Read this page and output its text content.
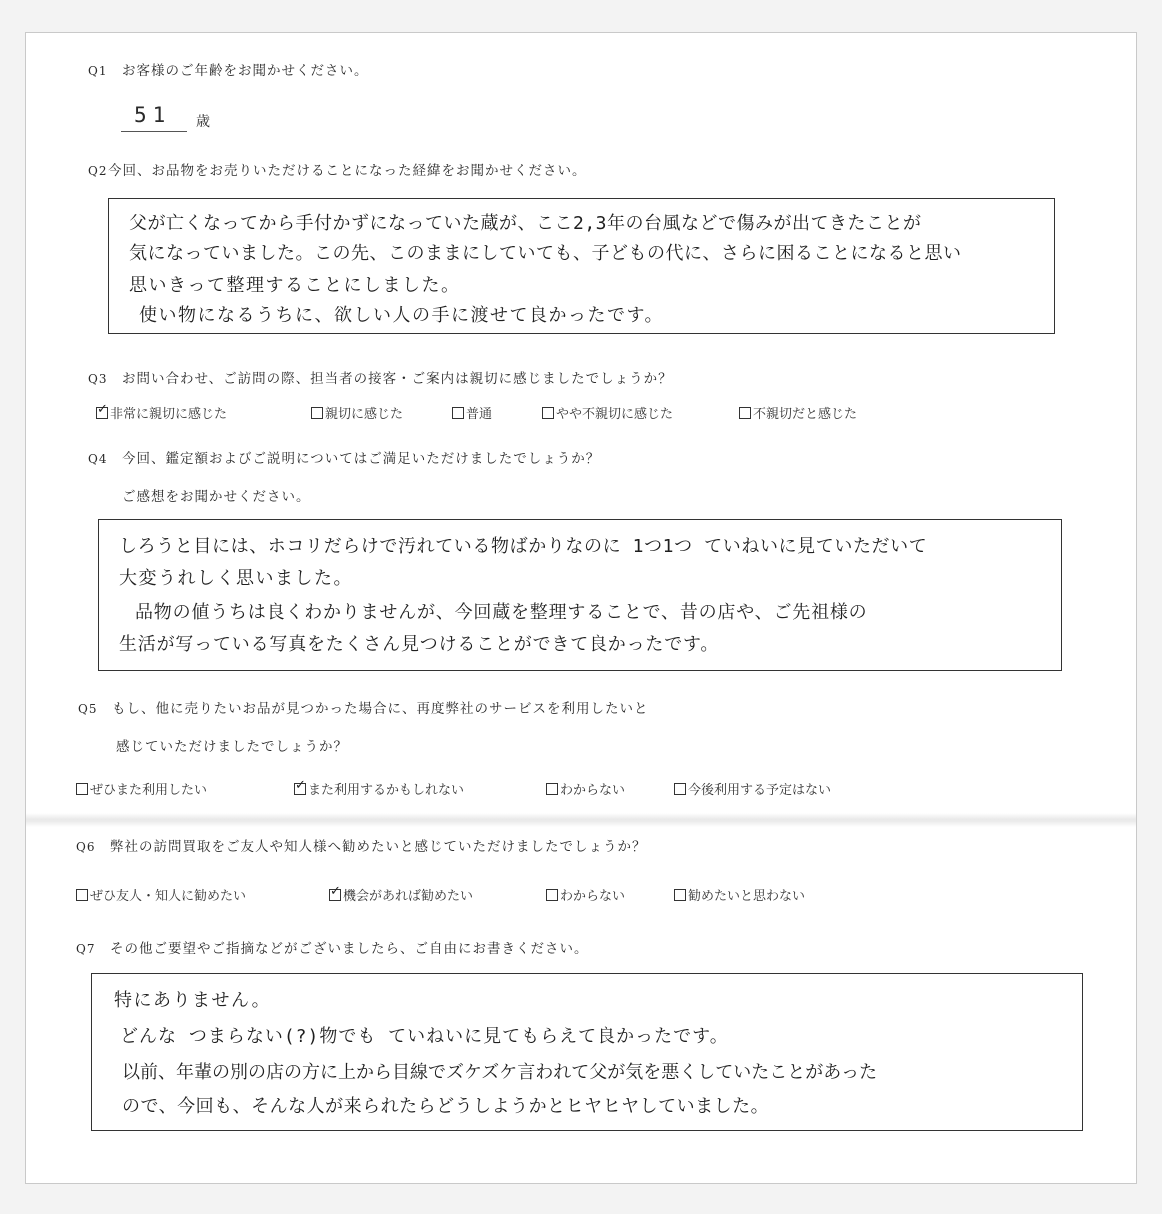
Q1 お客様のご年齢をお聞かせください。
51 歳
Q2今回、お品物をお売りいただけることになった経緯をお聞かせください。
父が亡くなってから手付かずになっていた蔵が、ここ2,3年の台風などで傷みが出てきたことが
気になっていました。この先、このままにしていても、子どもの代に、さらに困ることになると思い
思いきって整理することにしました。
使い物になるうちに、欲しい人の手に渡せて良かったです。
Q3 お問い合わせ、ご訪問の際、担当者の接客・ご案内は親切に感じましたでしょうか？
✓非常に親切に感じた	親切に感じた	普通	やや不親切に感じた	不親切だと感じた
Q4 今回、鑑定額およびご説明についてはご満足いただけましたでしょうか？
ご感想をお聞かせください。
しろうと目には、ホコリだらけで汚れている物ばかりなのに 1つ1つ ていねいに見ていただいて
大変うれしく思いました。
品物の値うちは良くわかりませんが、今回蔵を整理することで、昔の店や、ご先祖様の
生活が写っている写真をたくさん見つけることができて良かったです。
Q5 もし、他に売りたいお品が見つかった場合に、再度弊社のサービスを利用したいと
感じていただけましたでしょうか？
ぜひまた利用したい ✓	また利用するかもしれない	わからない	今後利用する予定はない
Q6 弊社の訪問買取をご友人や知人様へ勧めたいと感じていただけましたでしょうか？
ぜひ友人・知人に勧めたい ✓	機会があれば勧めたい	わからない	勧めたいと思わない
Q7 その他ご要望やご指摘などがございましたら、ご自由にお書きください。
特にありません。
どんな つまらない(?)物でも ていねいに見てもらえて良かったです。
以前、年輩の別の店の方に上から目線でズケズケ言われて父が気を悪くしていたことがあった
ので、今回も、そんな人が来られたらどうしようかとヒヤヒヤしていました。
